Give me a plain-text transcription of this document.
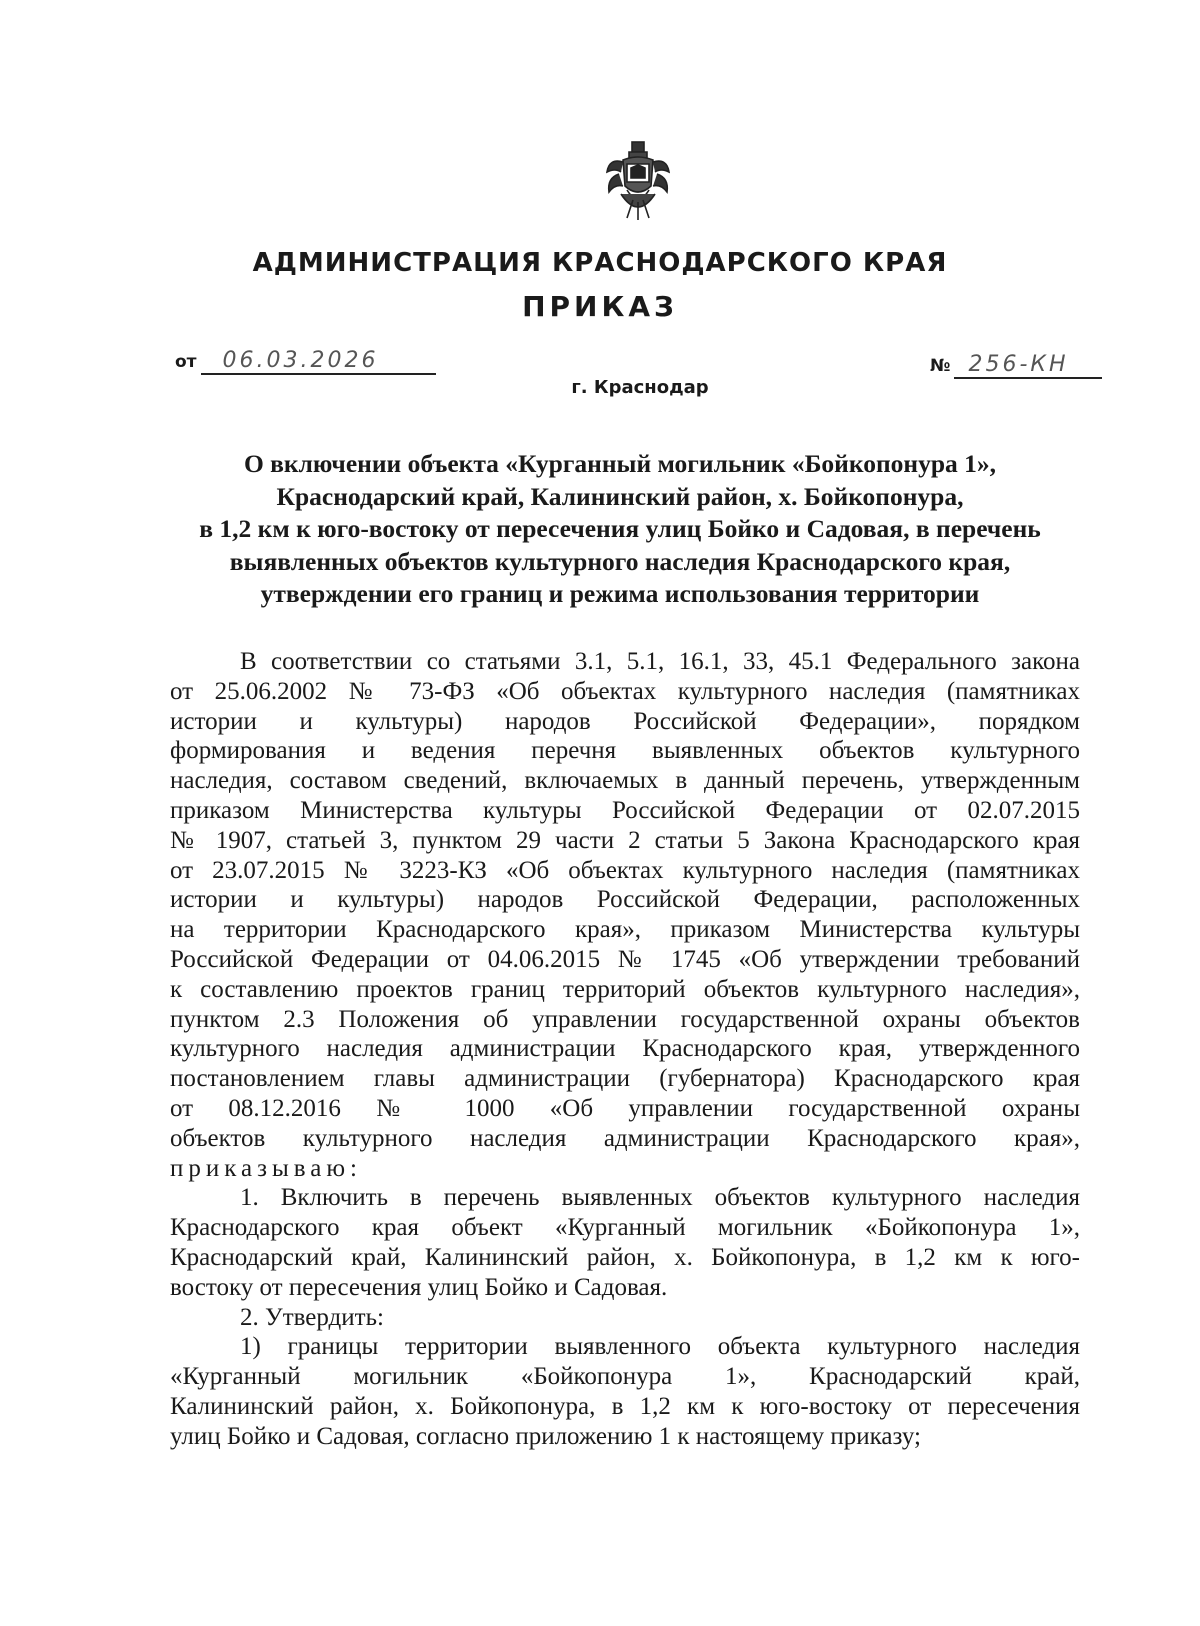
АДМИНИСТРАЦИЯ КРАСНОДАРСКОГО КРАЯ
ПРИКАЗ
от 06.03.2026	№ 256-КН
г. Краснодар
О включении объекта «Курганный могильник «Бойкопонура 1»,
Краснодарский край, Калининский район, х. Бойкопонура,
в 1,2 км к юго-востоку от пересечения улиц Бойко и Садовая, в перечень
выявленных объектов культурного наследия Краснодарского края,
утверждении его границ и режима использования территории
В соответствии со статьями 3.1, 5.1, 16.1, 33, 45.1 Федерального закона
от 25.06.2002 № 73-ФЗ «Об объектах культурного наследия (памятниках
истории и культуры) народов Российской Федерации», порядком
формирования и ведения перечня выявленных объектов культурного
наследия, составом сведений, включаемых в данный перечень, утвержденным
приказом Министерства культуры Российской Федерации от 02.07.2015
№ 1907, статьей 3, пунктом 29 части 2 статьи 5 Закона Краснодарского края
от 23.07.2015 № 3223-КЗ «Об объектах культурного наследия (памятниках
истории и культуры) народов Российской Федерации, расположенных
на территории Краснодарского края», приказом Министерства культуры
Российской Федерации от 04.06.2015 № 1745 «Об утверждении требований
к составлению проектов границ территорий объектов культурного наследия»,
пунктом 2.3 Положения об управлении государственной охраны объектов
культурного наследия администрации Краснодарского края, утвержденного
постановлением главы администрации (губернатора) Краснодарского края
от 08.12.2016 № 1000 «Об управлении государственной охраны
объектов культурного наследия администрации Краснодарского края»,
приказываю:
1. Включить в перечень выявленных объектов культурного наследия
Краснодарского края объект «Курганный могильник «Бойкопонура 1»,
Краснодарский край, Калининский район, х. Бойкопонура, в 1,2 км к юго-
востоку от пересечения улиц Бойко и Садовая.
2. Утвердить:
1) границы территории выявленного объекта культурного наследия
«Курганный могильник «Бойкопонура 1», Краснодарский край,
Калининский район, х. Бойкопонура, в 1,2 км к юго-востоку от пересечения
улиц Бойко и Садовая, согласно приложению 1 к настоящему приказу;
